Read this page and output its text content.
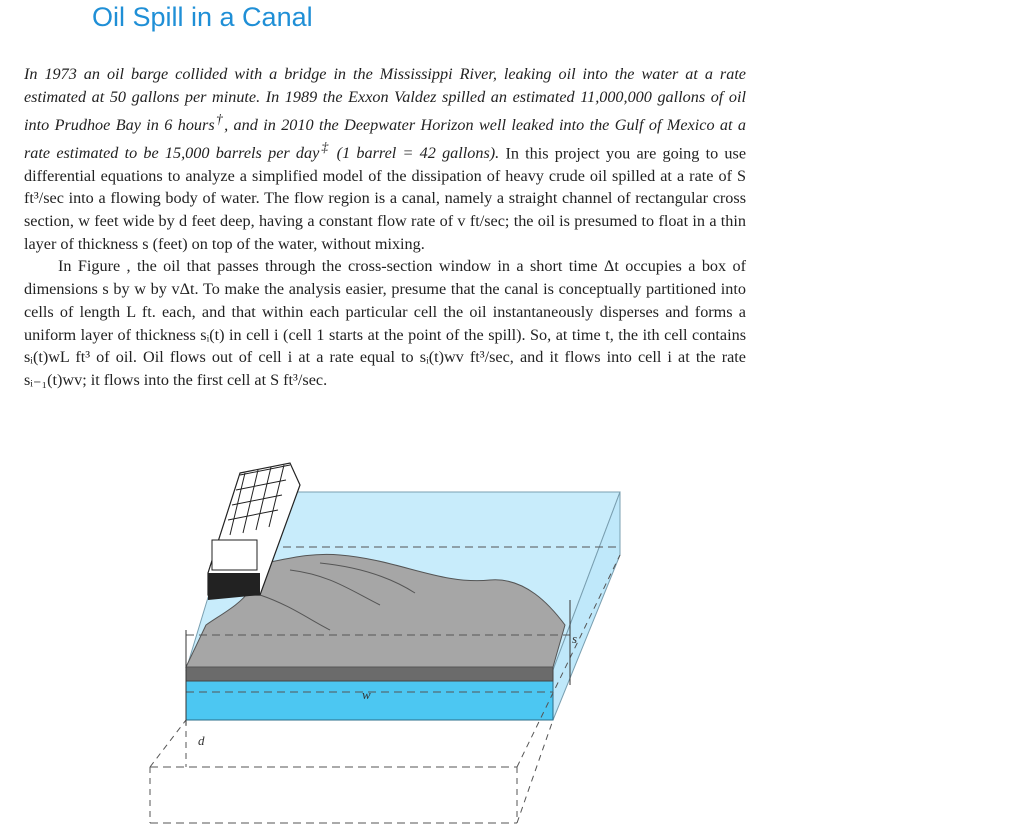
Oil Spill in a Canal

In 1973 an oil barge collided with a bridge in the Mississippi River, leaking oil into the water at a rate estimated at 50 gallons per minute. In 1989 the Exxon Valdez spilled an estimated 11,000,000 gallons of oil into Prudhoe Bay in 6 hours†, and in 2010 the Deepwater Horizon well leaked into the Gulf of Mexico at a rate estimated to be 15,000 barrels per day‡ (1 barrel = 42 gallons). In this project you are going to use differential equations to analyze a simplified model of the dissipation of heavy crude oil spilled at a rate of S ft³/sec into a flowing body of water. The flow region is a canal, namely a straight channel of rectangular cross section, w feet wide by d feet deep, having a constant flow rate of v ft/sec; the oil is presumed to float in a thin layer of thickness s (feet) on top of the water, without mixing.

In Figure , the oil that passes through the cross-section window in a short time Δt occupies a box of dimensions s by w by vΔt. To make the analysis easier, presume that the canal is conceptually partitioned into cells of length L ft. each, and that within each particular cell the oil instantaneously disperses and forms a uniform layer of thickness sᵢ(t) in cell i (cell 1 starts at the point of the spill). So, at time t, the ith cell contains sᵢ(t)wL ft³ of oil. Oil flows out of cell i at a rate equal to sᵢ(t)wv ft³/sec, and it flows into cell i at the rate sᵢ₋₁(t)wv; it flows into the first cell at S ft³/sec.

w
s
d
